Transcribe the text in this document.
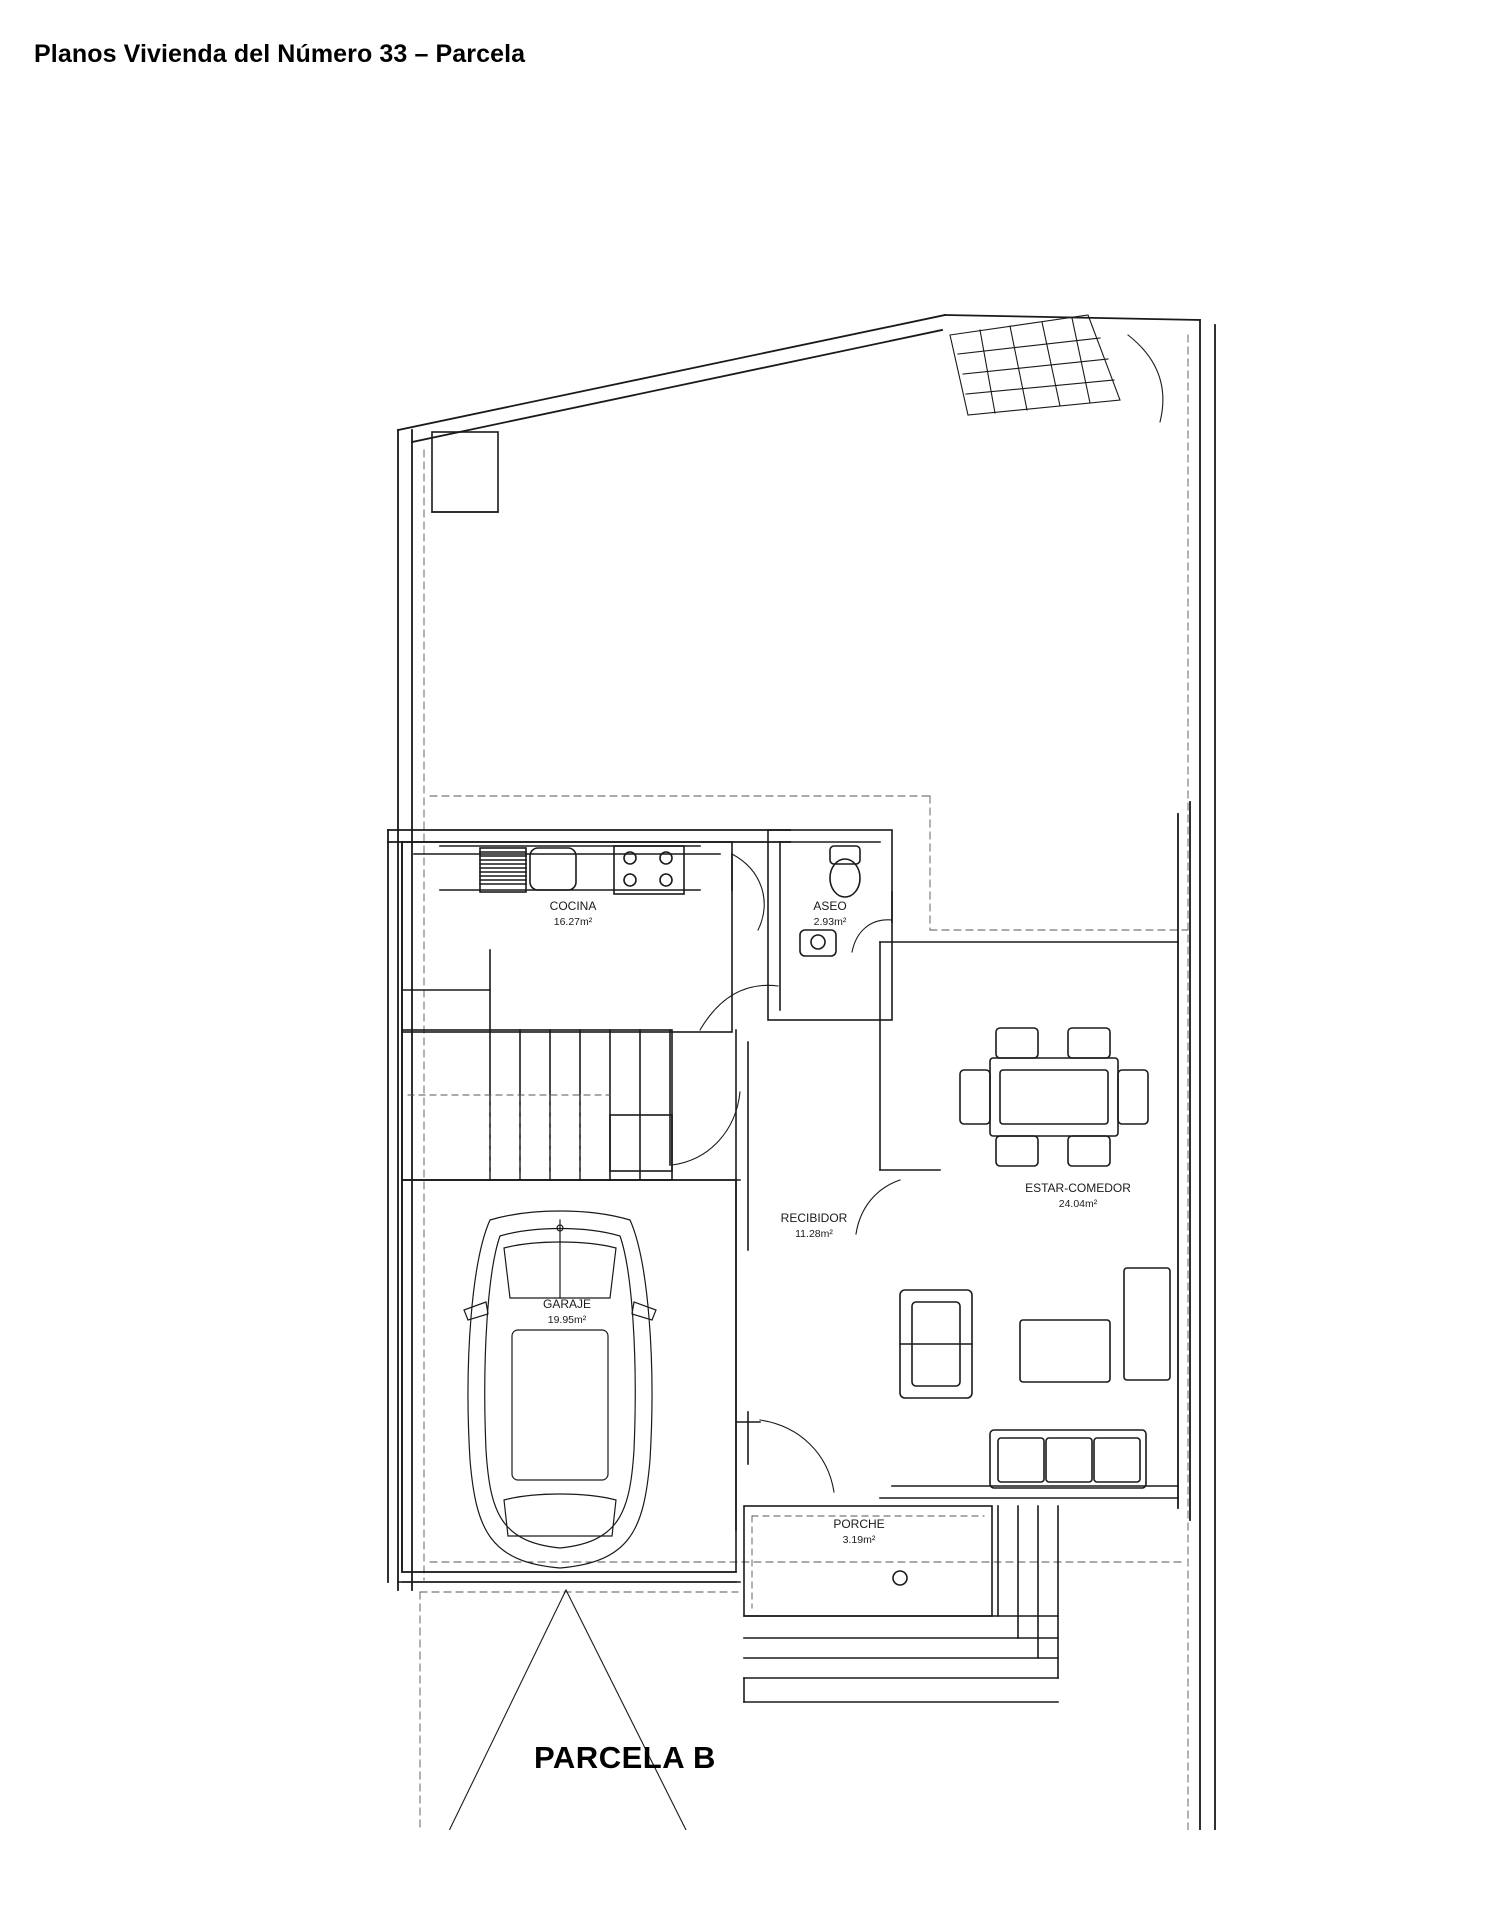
Planos Vivienda del Número 33 – Parcela
COCINA
16.27m²
ASEO
2.93m²
ESTAR-COMEDOR
24.04m²
RECIBIDOR
11.28m²
GARAJE
19.95m²
PORCHE
3.19m²
PARCELA B
